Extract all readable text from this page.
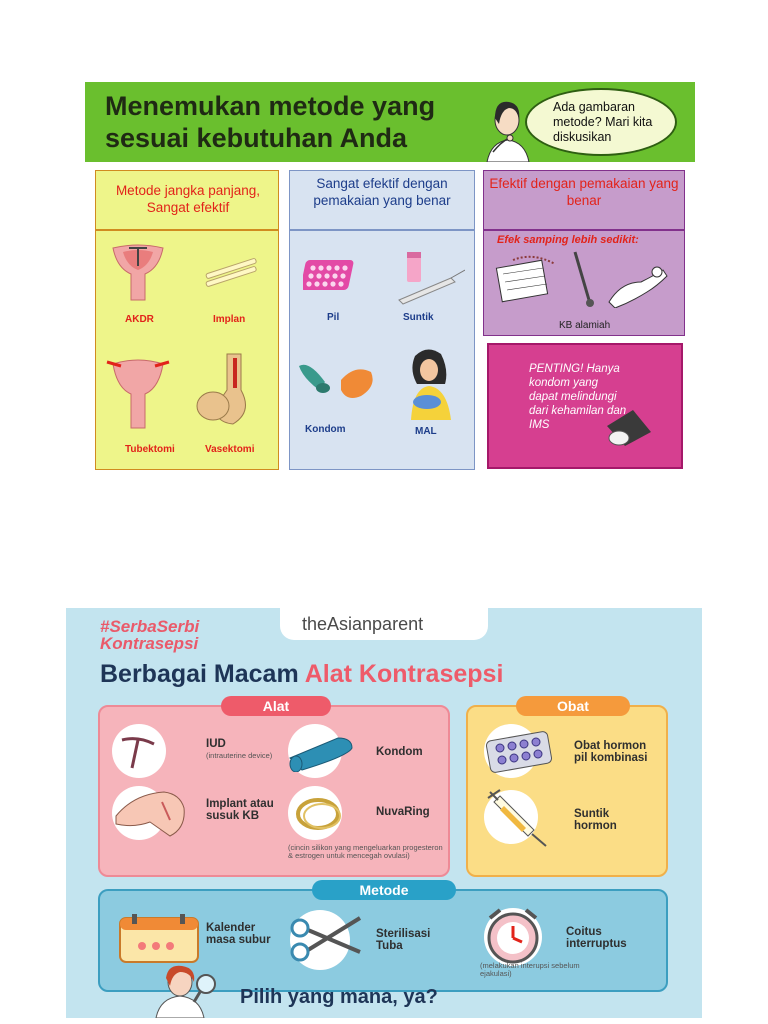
Menemukan metode yang sesuai kebutuhan Anda
Ada gambaran metode? Mari kita diskusikan
Metode jangka panjang, Sangat efektif
AKDR	Implan
Tubektomi	Vasektomi
Sangat efektif dengan pemakaian yang benar
Pil	Suntik
Kondom	MAL
Efektif dengan pemakaian yang benar
Efek samping lebih sedikit:
KB alamiah
PENTING! Hanya kondom yang dapat melindungi dari kehamilan dan IMS
#SerbaSerbi Kontrasepsi
theAsianparent
Berbagai Macam Alat Kontrasepsi
Alat
IUD
(intrauterine device)	Kondom
Implant atau susuk KB	NuvaRing
(cincin silikon yang mengeluarkan progesteron & estrogen untuk mencegah ovulasi)
Obat
Obat hormon pil kombinasi
Suntik hormon
Metode
Kalender masa subur	Sterilisasi Tuba
Coitus interruptus
(melakukan interupsi sebelum ejakulasi)
Pilih yang mana, ya?
